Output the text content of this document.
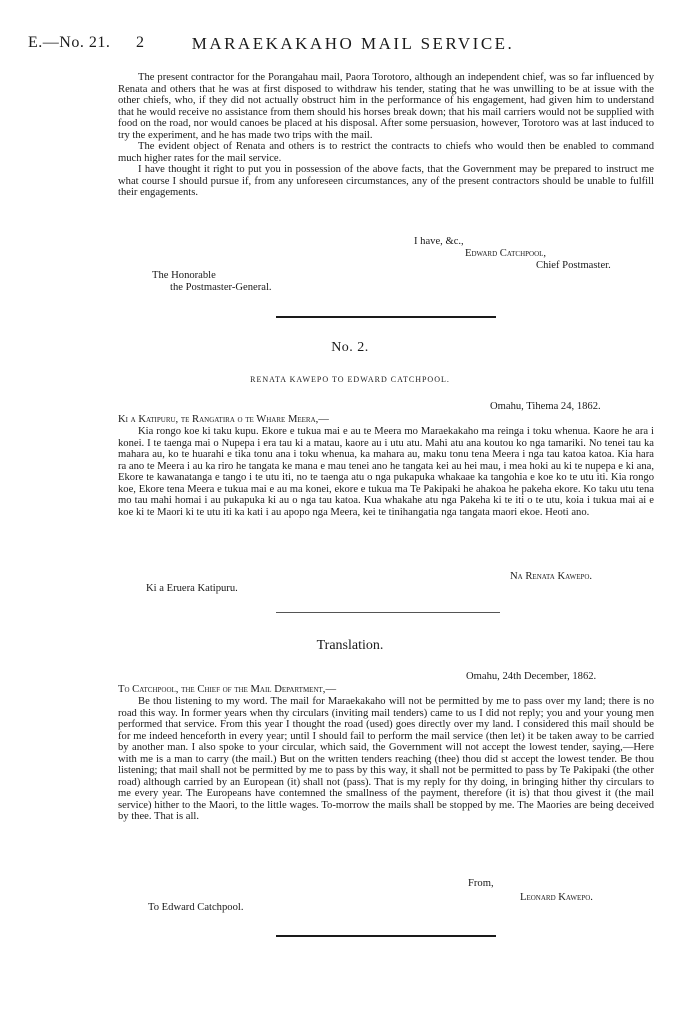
E.—No. 21. 2	MARAEKAKAHO MAIL SERVICE.

The present contractor for the Porangahau mail, Paora Torotoro, although an independent chief, was so far influenced by Renata and others that he was at first disposed to withdraw his tender, stating that he was unwilling to be at issue with the other chiefs, who, if they did not actually obstruct him in the performance of his engagement, had given him to understand that he would receive no assistance from them should his horses break down; that his mail carriers would not be supplied with food on the road, nor would canoes be placed at his disposal. After some persuasion, however, Torotoro was at last induced to try the experiment, and he has made two trips with the mail.

The evident object of Renata and others is to restrict the contracts to chiefs who would then be enabled to command much higher rates for the mail service.

I have thought it right to put you in possession of the above facts, that the Government may be prepared to instruct me what course I should pursue if, from any unforeseen circumstances, any of the present contractors should be unable to fulfill their engagements.

I have, &c.,
Edward Catchpool,
Chief Postmaster.
The Honorable
the Postmaster-General.
No. 2.
RENATA KAWEPO TO EDWARD CATCHPOOL.
Omahu, Tihema 24, 1862.
Ki a Katipuru, te Rangatira o te Whare Meera,—

Kia rongo koe ki taku kupu. Ekore e tukua mai e au te Meera mo Maraekakaho ma reinga i toku whenua. Kaore he ara i konei. I te taenga mai o Nupepa i era tau ki a matau, kaore au i utu atu. Mahi atu ana koutou ko nga tamariki. No tenei tau ka mahara au, ko te huarahi e tika tonu ana i toku whenua, ka mahara au, maku tonu tena Meera i nga tau katoa katoa. Kia hara ra ano te Meera i au ka riro he tangata ke mana e mau tenei ano he tangata kei au hei mau, i mea hoki au ki te nupepa e ki ana, Ekore te kawanatanga e tango i te utu iti, no te taenga atu o nga pukapuka whakaae ka tangohia e koe ko te utu iti. Kia rongo koe, Ekore tena Meera e tukua mai e au ma konei, ekore e tukua ma Te Pakipaki he ahakoa he pakeha ekore. Ko taku utu tena mo tau mahi homai i au pukapuka ki au o nga tau katoa. Kua whakahe atu nga Pakeha ki te iti o te utu, koia i tukua mai ai e koe ki te Maori ki te utu iti ka kati i au apopo nga Meera, kei te tinihangatia nga tangata maori ekoe. Heoti ano.

Na Renata Kawepo.
Ki a Eruera Katipuru.
Translation.
Omahu, 24th December, 1862.
To Catchpool, the Chief of the Mail Department,—

Be thou listening to my word. The mail for Maraekakaho will not be permitted by me to pass over my land; there is no road this way. In former years when thy circulars (inviting mail tenders) came to us I did not reply; you and your young men performed that service. From this year I thought the road (used) goes directly over my land. I considered this mail should be for me indeed henceforth in every year; until I should fail to perform the mail service (then let) it be taken away to be carried by another man. I also spoke to your circular, which said, the Government will not accept the lowest tender, saying,—Here with me is a man to carry (the mail.) But on the written tenders reaching (thee) thou did st accept the lowest tender. Be thou listening; that mail shall not be permitted by me to pass by this way, it shall not be permitted to pass by Te Pakipaki (the other road) although carried by an European (it) shall not (pass). That is my reply for thy doing, in bringing hither thy circulars to me every year. The Europeans have contemned the smallness of the payment, therefore (it is) that thou givest it (the mail service) hither to the Maori, to the little wages. To-morrow the mails shall be stopped by me. The Maories are being deceived by thee. That is all.

From,
Leonard Kawepo.
To Edward Catchpool.
